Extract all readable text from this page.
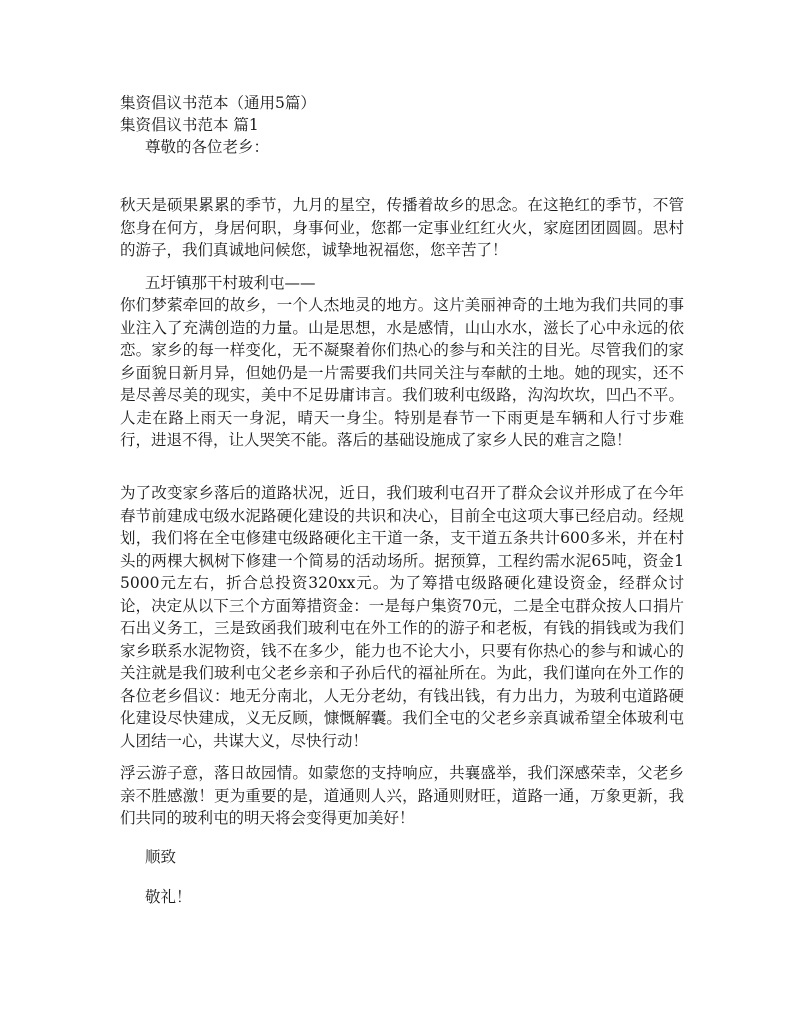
集资倡议书范本（通用5篇）
集资倡议书范本 篇1
尊敬的各位老乡：
秋天是硕果累累的季节，九月的星空，传播着故乡的思念。在这艳红的季节，不管您身在何方，身居何职，身事何业，您都一定事业红红火火，家庭团团圆圆。思村的游子，我们真诚地问候您，诚挚地祝福您，您辛苦了！
五圩镇那干村玻利屯——
你们梦萦牵回的故乡，一个人杰地灵的地方。这片美丽神奇的土地为我们共同的事业注入了充满创造的力量。山是思想，水是感情，山山水水，滋长了心中永远的依恋。家乡的每一样变化，无不凝聚着你们热心的参与和关注的目光。尽管我们的家乡面貌日新月异，但她仍是一片需要我们共同关注与奉献的土地。她的现实，还不是尽善尽美的现实，美中不足毋庸讳言。我们玻利屯级路，沟沟坎坎，凹凸不平。人走在路上雨天一身泥，晴天一身尘。特别是春节一下雨更是车辆和人行寸步难行，进退不得，让人哭笑不能。落后的基础设施成了家乡人民的难言之隐！
为了改变家乡落后的道路状况，近日，我们玻利屯召开了群众会议并形成了在今年春节前建成屯级水泥路硬化建设的共识和决心，目前全屯这项大事已经启动。经规划，我们将在全屯修建屯级路硬化主干道一条，支干道五条共计600多米，并在村头的两棵大枫树下修建一个简易的活动场所。据预算，工程约需水泥65吨，资金15000元左右，折合总投资320xx元。为了筹措屯级路硬化建设资金，经群众讨论，决定从以下三个方面筹措资金：一是每户集资70元，二是全屯群众按人口捐片石出义务工，三是致函我们玻利屯在外工作的的游子和老板，有钱的捐钱或为我们家乡联系水泥物资，钱不在多少，能力也不论大小，只要有你热心的参与和诚心的关注就是我们玻利屯父老乡亲和子孙后代的福祉所在。为此，我们谨向在外工作的各位老乡倡议：地无分南北，人无分老幼，有钱出钱，有力出力，为玻利屯道路硬化建设尽快建成，义无反顾，慷慨解囊。我们全屯的父老乡亲真诚希望全体玻利屯人团结一心，共谋大义，尽快行动！
浮云游子意，落日故园情。如蒙您的支持响应，共襄盛举，我们深感荣幸，父老乡亲不胜感激！更为重要的是，道通则人兴，路通则财旺，道路一通，万象更新，我们共同的玻利屯的明天将会变得更加美好！
顺致
敬礼！
